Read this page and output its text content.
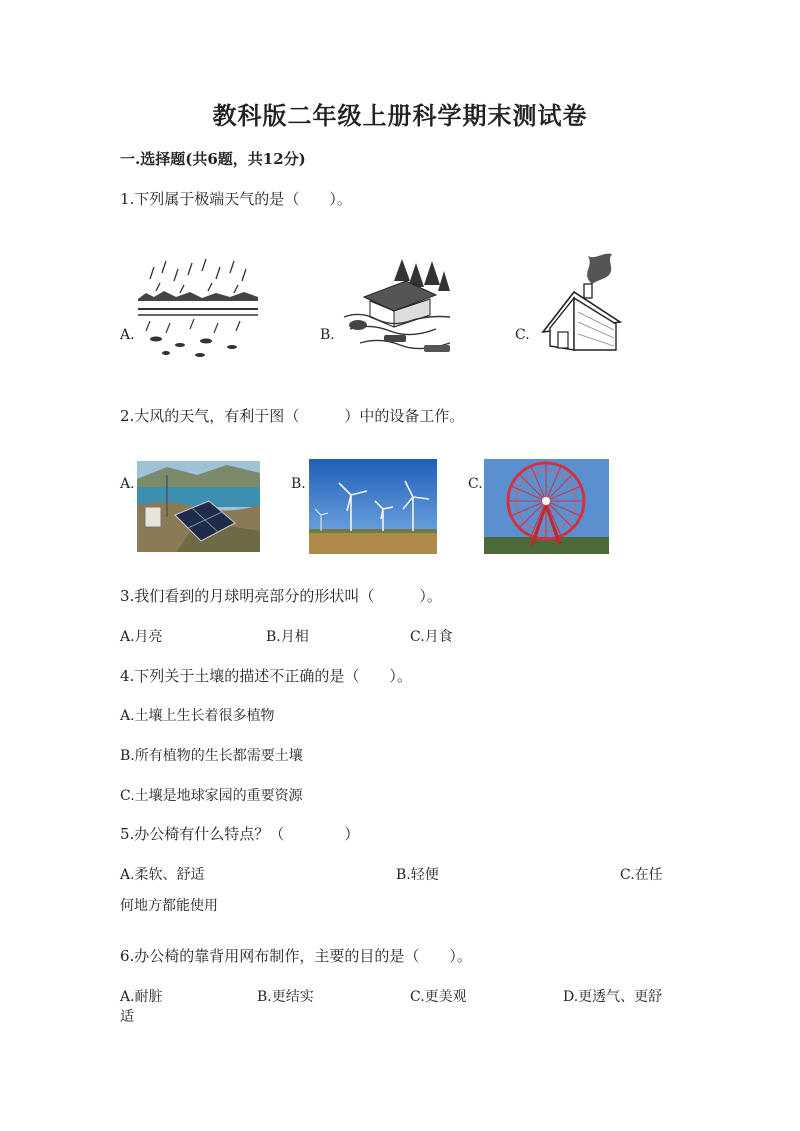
教科版二年级上册科学期末测试卷
一.选择题(共6题，共12分)
1.下列属于极端天气的是（　　）。
A.	B.	C.
2.大风的天气，有利于图（　　　）中的设备工作。
A.	B.	C.
3.我们看到的月球明亮部分的形状叫（　　　）。
A.月亮	B.月相	C.月食
4.下列关于土壤的描述不正确的是（　　）。
A.土壤上生长着很多植物
B.所有植物的生长都需要土壤
C.土壤是地球家园的重要资源
5.办公椅有什么特点？（　　　　）
A.柔软、舒适	B.轻便	C.在任
何地方都能使用
6.办公椅的靠背用网布制作，主要的目的是（　　）。
A.耐脏	B.更结实	C.更美观	D.更透气、更舒
适
